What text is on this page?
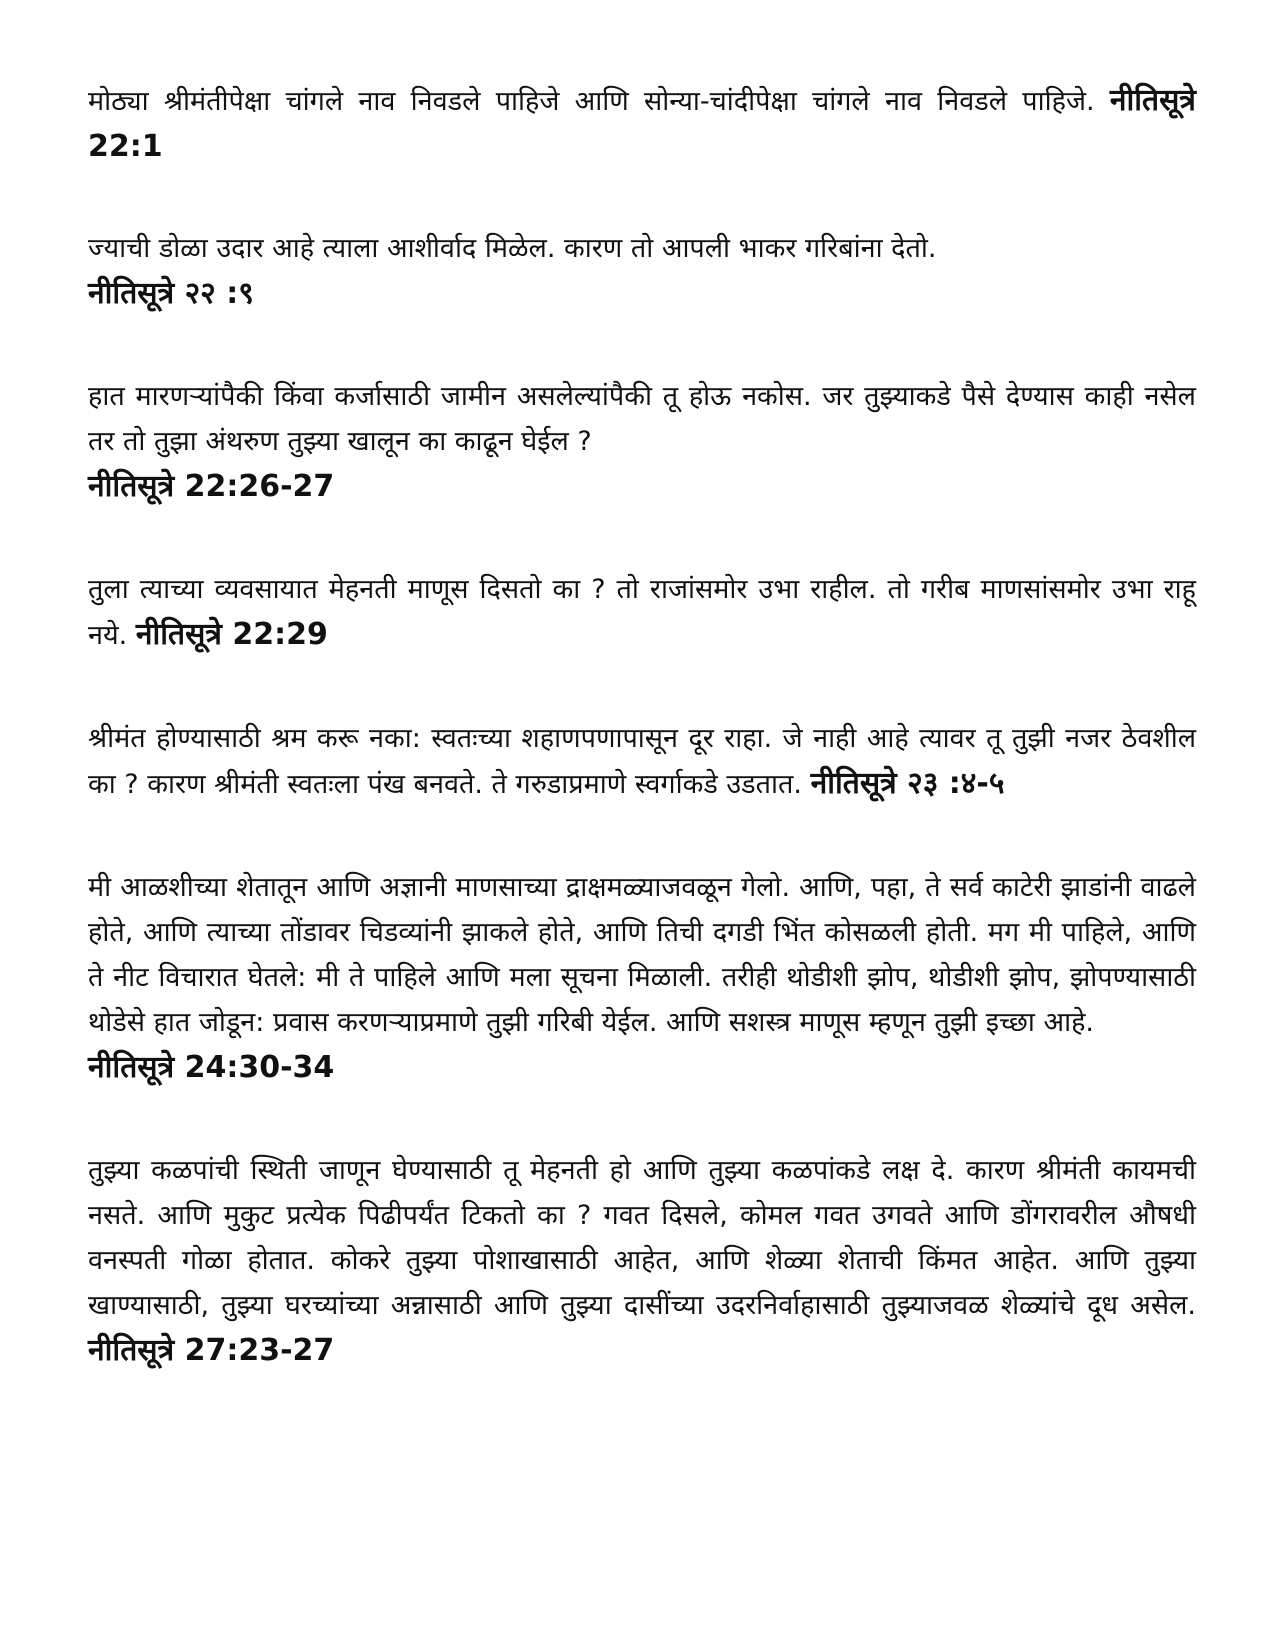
मोठ्या श्रीमंतीपेक्षा चांगले नाव निवडले पाहिजे आणि सोन्या-चांदीपेक्षा चांगले नाव निवडले पाहिजे. नीतिसूत्रे 22:1

ज्याची डोळा उदार आहे त्याला आशीर्वाद मिळेल. कारण तो आपली भाकर गरिबांना देतो.
नीतिसूत्रे २२ :९

हात मारणऱ्यांपैकी किंवा कर्जासाठी जामीन असलेल्यांपैकी तू होऊ नकोस. जर तुझ्याकडे पैसे देण्यास काही नसेल तर तो तुझा अंथरुण तुझ्या खालून का काढून घेईल ?
नीतिसूत्रे 22:26-27

तुला त्याच्या व्यवसायात मेहनती माणूस दिसतो का ? तो राजांसमोर उभा राहील. तो गरीब माणसांसमोर उभा राहू नये. नीतिसूत्रे 22:29

श्रीमंत होण्यासाठी श्रम करू नका: स्वतःच्या शहाणपणापासून दूर राहा. जे नाही आहे त्यावर तू तुझी नजर ठेवशील का ? कारण श्रीमंती स्वतःला पंख बनवते. ते गरुडाप्रमाणे स्वर्गाकडे उडतात. नीतिसूत्रे २३ :४-५

मी आळशीच्या शेतातून आणि अज्ञानी माणसाच्या द्राक्षमळ्याजवळून गेलो. आणि, पहा, ते सर्व काटेरी झाडांनी वाढले होते, आणि त्याच्या तोंडावर चिडव्यांनी झाकले होते, आणि तिची दगडी भिंत कोसळली होती. मग मी पाहिले, आणि ते नीट विचारात घेतले: मी ते पाहिले आणि मला सूचना मिळाली. तरीही थोडीशी झोप, थोडीशी झोप, झोपण्यासाठी थोडेसे हात जोडून: प्रवास करणऱ्याप्रमाणे तुझी गरिबी येईल. आणि सशस्त्र माणूस म्हणून तुझी इच्छा आहे.
नीतिसूत्रे 24:30-34

तुझ्या कळपांची स्थिती जाणून घेण्यासाठी तू मेहनती हो आणि तुझ्या कळपांकडे लक्ष दे. कारण श्रीमंती कायमची नसते. आणि मुकुट प्रत्येक पिढीपर्यंत टिकतो का ? गवत दिसले, कोमल गवत उगवते आणि डोंगरावरील औषधी वनस्पती गोळा होतात. कोकरे तुझ्या पोशाखासाठी आहेत, आणि शेळ्या शेताची किंमत आहेत. आणि तुझ्या खाण्यासाठी, तुझ्या घरच्यांच्या अन्नासाठी आणि तुझ्या दासींच्या उदरनिर्वाहासाठी तुझ्याजवळ शेळ्यांचे दूध असेल. नीतिसूत्रे 27:23-27
